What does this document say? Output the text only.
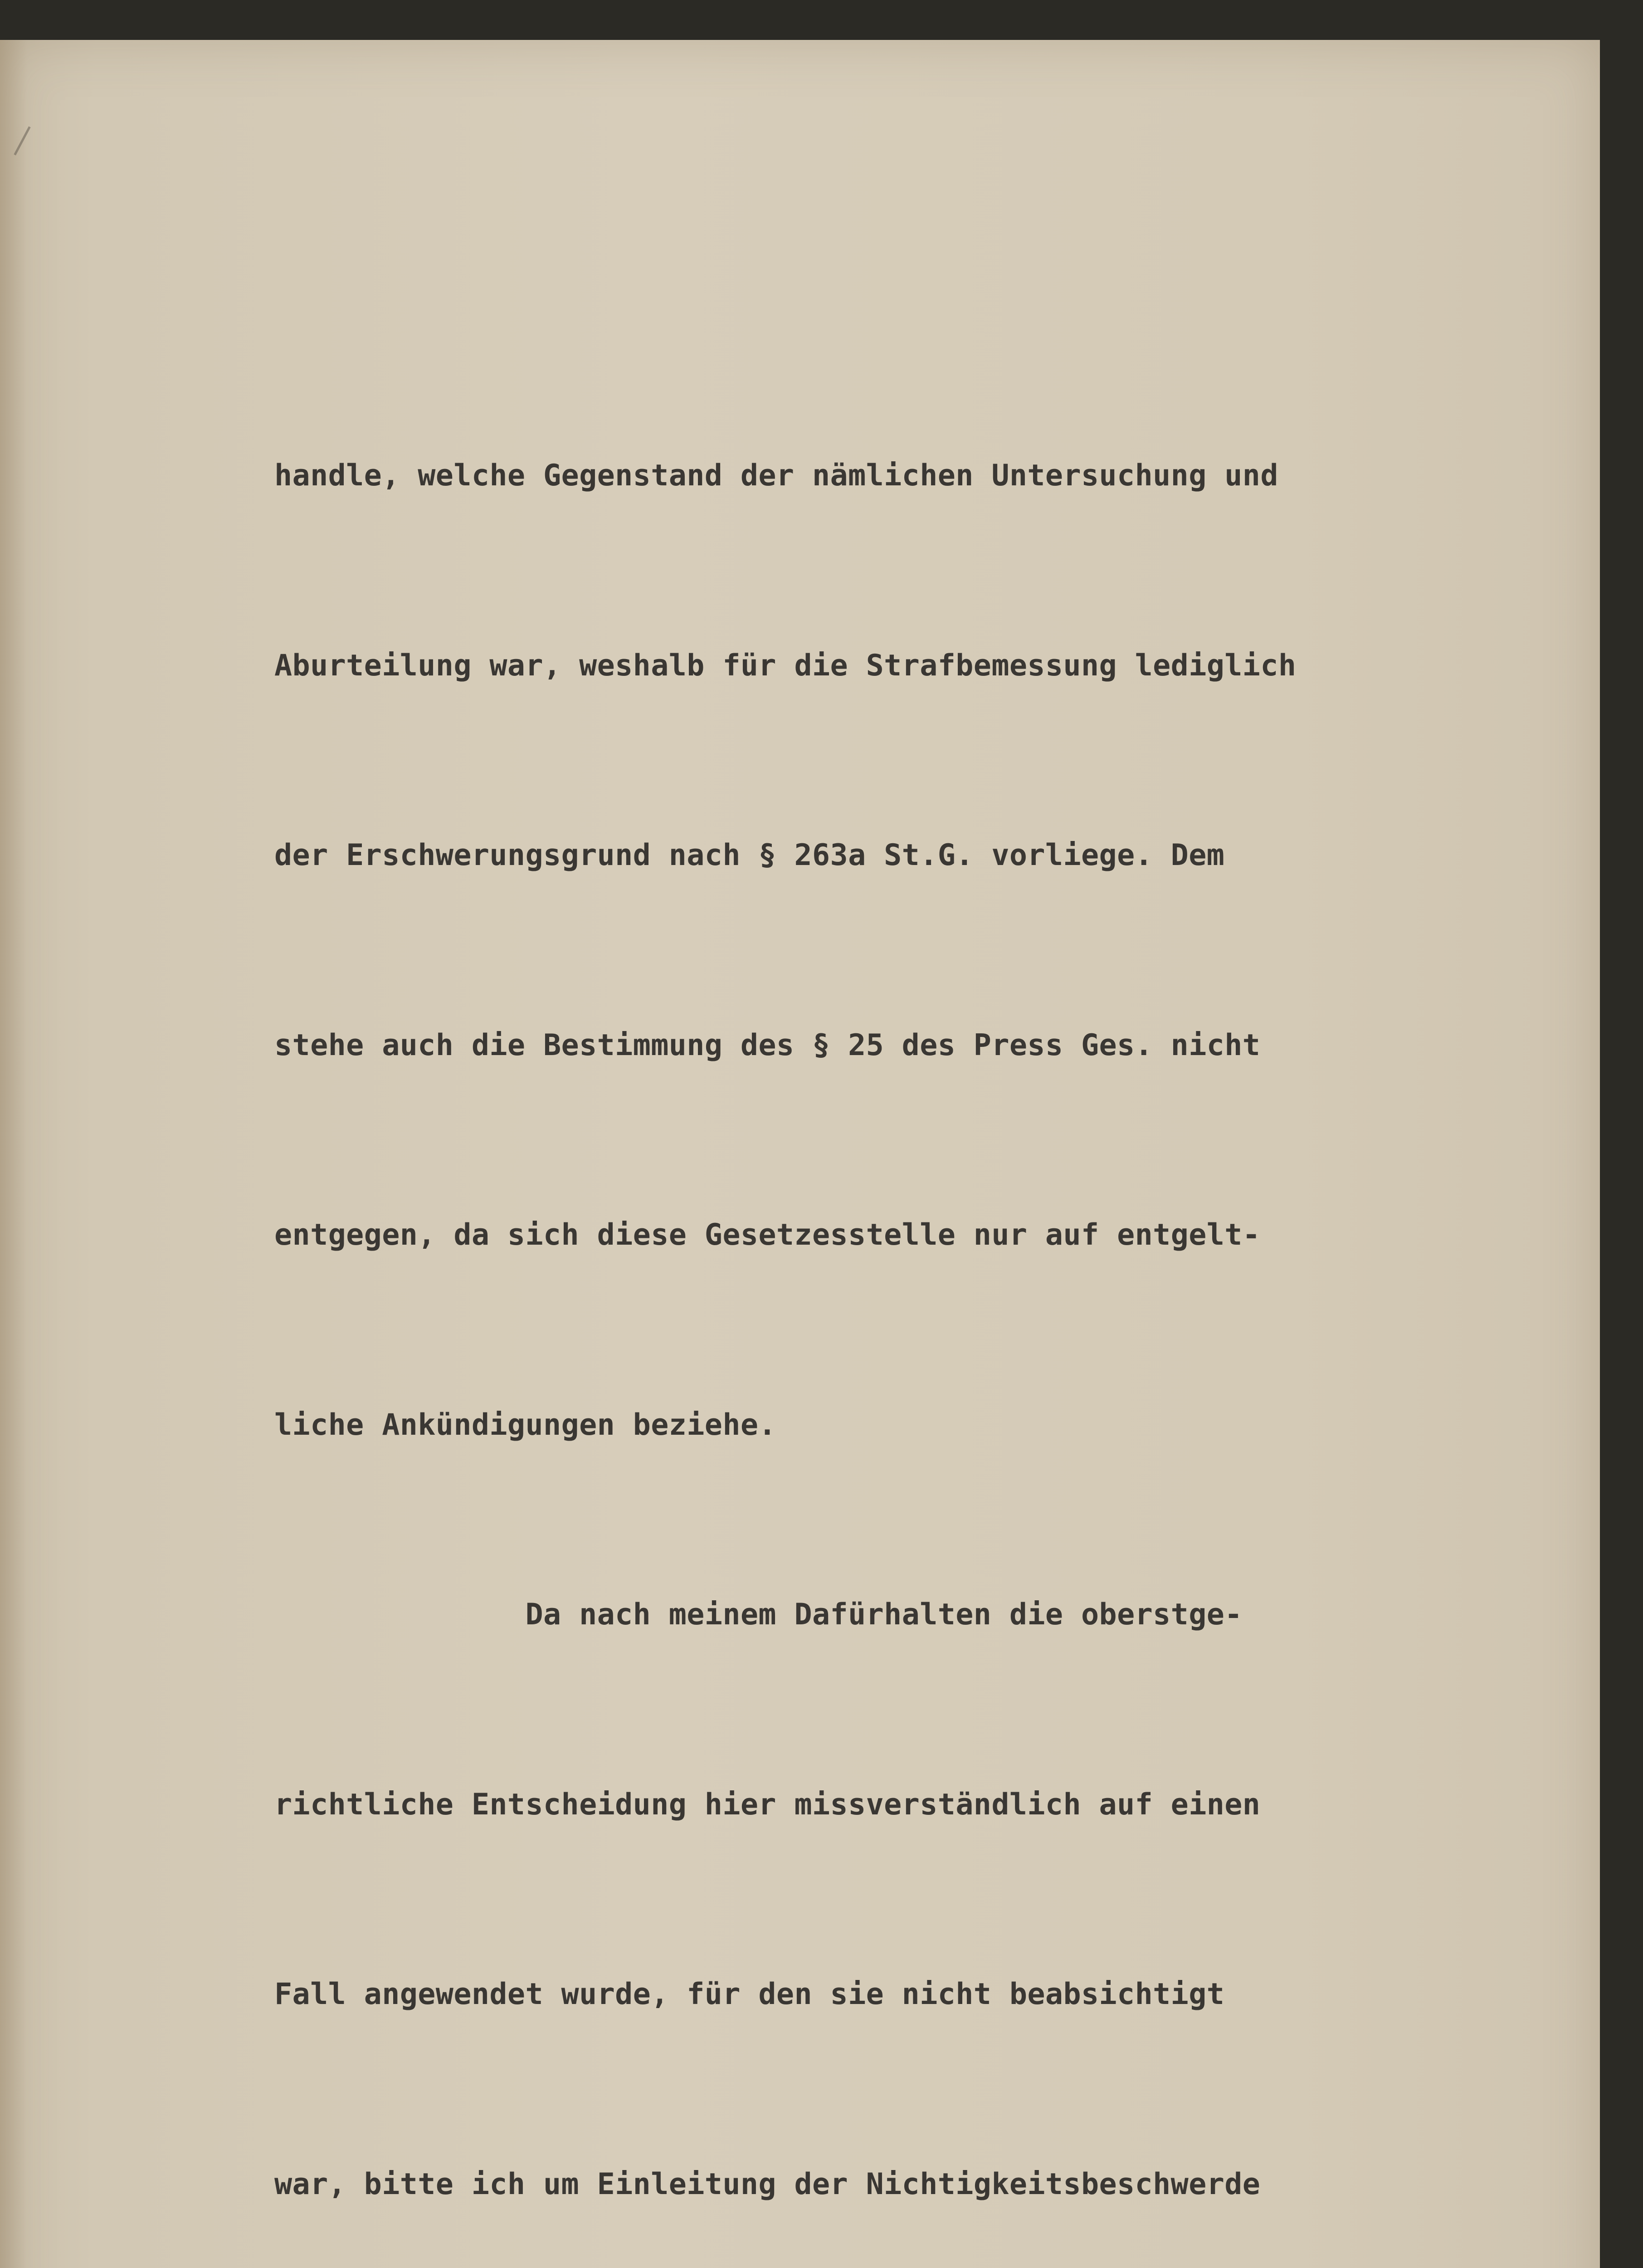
handle, welche Gegenstand der nämlichen Untersuchung und

Aburteilung war, weshalb für die Strafbemessung lediglich

der Erschwerungsgrund nach § 263a St.G. vorliege. Dem

stehe auch die Bestimmung des § 25 des Press Ges. nicht

entgegen, da sich diese Gesetzesstelle nur auf entgelt-

liche Ankündigungen beziehe.

Da nach meinem Dafürhalten die oberstge-

richtliche Entscheidung hier missverständlich auf einen

Fall angewendet wurde, für den sie nicht beabsichtigt

war, bitte ich um Einleitung der Nichtigkeitsbeschwerde
